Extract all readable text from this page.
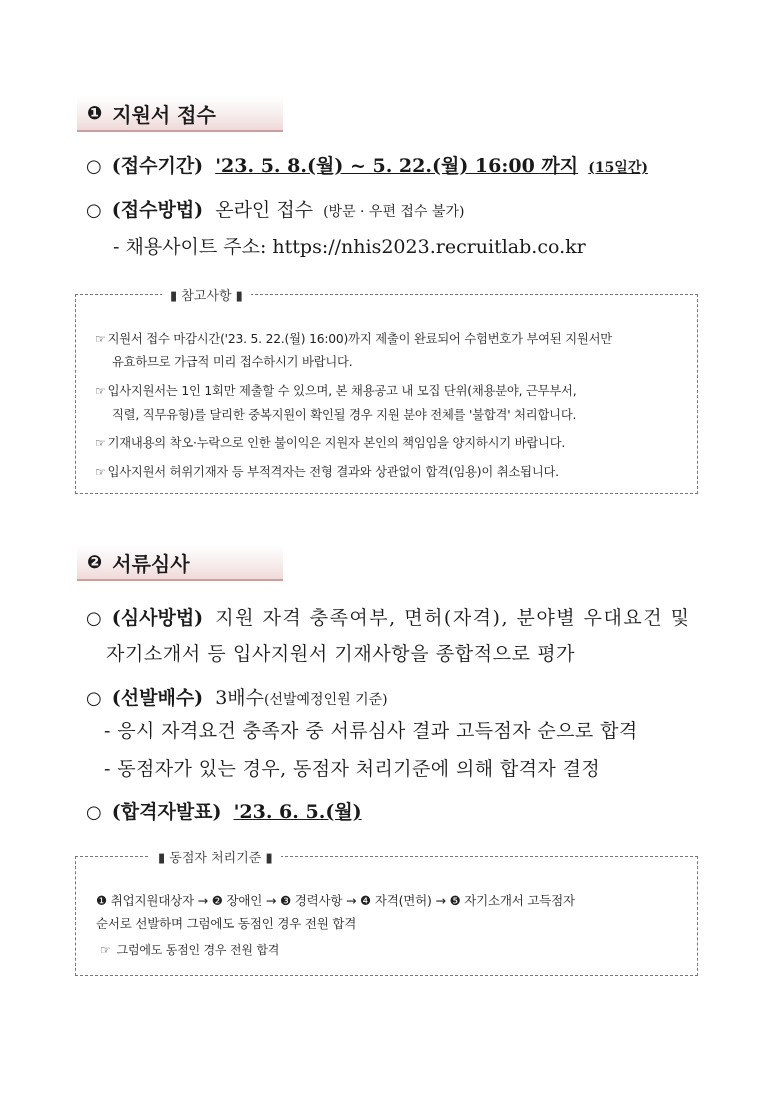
❶ 지원서 접수
○ (접수기간) '23. 5. 8.(월) ~ 5. 22.(월) 16:00 까지 (15일간)
○ (접수방법) 온라인 접수 (방문 · 우편 접수 불가)
- 채용사이트 주소: https://nhis2023.recruitlab.co.kr
▮ 참고사항 ▮
☞ 지원서 접수 마감시간('23. 5. 22.(월) 16:00)까지 제출이 완료되어 수험번호가 부여된 지원서만
유효하므로 가급적 미리 접수하시기 바랍니다.
☞ 입사지원서는 1인 1회만 제출할 수 있으며, 본 채용공고 내 모집 단위(채용분야, 근무부서,
직렬, 직무유형)를 달리한 중복지원이 확인될 경우 지원 분야 전체를 '불합격' 처리합니다.
☞ 기재내용의 착오·누락으로 인한 불이익은 지원자 본인의 책임임을 양지하시기 바랍니다.
☞ 입사지원서 허위기재자 등 부적격자는 전형 결과와 상관없이 합격(임용)이 취소됩니다.
❷ 서류심사
○ (심사방법) 지원 자격 충족여부, 면허(자격), 분야별 우대요건 및
자기소개서 등 입사지원서 기재사항을 종합적으로 평가
○ (선발배수) 3배수(선발예정인원 기준)
- 응시 자격요건 충족자 중 서류심사 결과 고득점자 순으로 합격
- 동점자가 있는 경우, 동점자 처리기준에 의해 합격자 결정
○ (합격자발표) '23. 6. 5.(월)
▮ 동점자 처리기준 ▮
❶ 취업지원대상자 → ❷ 장애인 → ❸ 경력사항 → ❹ 자격(면허) → ❺ 자기소개서 고득점자
순서로 선발하며 그럼에도 동점인 경우 전원 합격
☞ 그럼에도 동점인 경우 전원 합격
